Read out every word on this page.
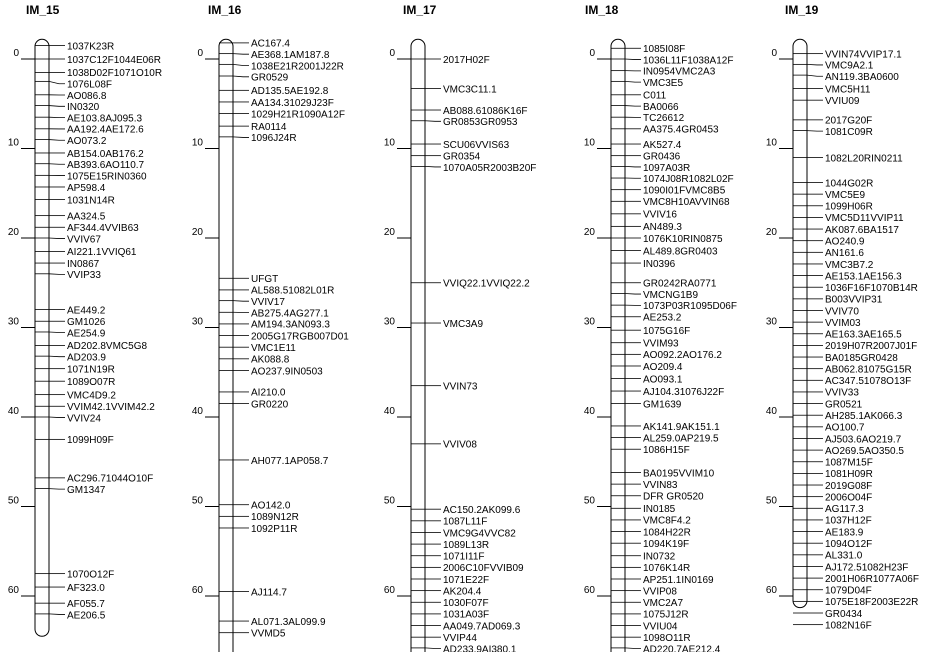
IM_15
0
10
20
30
40
50
60
1037K23R
1037C12F1044E06R
1038D02F1071O10R
1076L08F
AO086.8
IN0320
AE103.8AJ095.3
AA192.4AE172.6
AO073.2
AB154.0AB176.2
AB393.6AO110.7
1075E15RIN0360
AP598.4
1031N14R
AA324.5
AF344.4VVIB63
VVIV67
AI221.1VVIQ61
IN0867
VVIP33
AE449.2
GM1026
AE254.9
AD202.8VMC5G8
AD203.9
1071N19R
1089O07R
VMC4D9.2
VVIM42.1VVIM42.2
VVIV24
1099H09F
AC296.71044O10F
GM1347
1070O12F
AF323.0
AF055.7
AE206.5
IM_16
0
10
20
30
40
50
60
AC167.4
AE368.1AM187.8
1038E21R2001J22R
GR0529
AD135.5AE192.8
AA134.31029J23F
1029H21R1090A12F
RA0114
1096J24R
UFGT
AL588.51082L01R
VVIV17
AB275.4AG277.1
AM194.3AN093.3
2005G17RGB007D01
VMC1E11
AK088.8
AO237.9IN0503
AI210.0
GR0220
AH077.1AP058.7
AO142.0
1089N12R
1092P11R
AJ114.7
AL071.3AL099.9
VVMD5
IM_17
0
10
20
30
40
50
60
2017H02F
VMC3C11.1
AB088.61086K16F
GR0853GR0953
SCU06VVIS63
GR0354
1070A05R2003B20F
VVIQ22.1VVIQ22.2
VMC3A9
VVIN73
VVIV08
AC150.2AK099.6
1087L11F
VMC9G4VVC82
1089L13R
1071I11F
2006C10FVVIB09
1071E22F
AK204.4
1030F07F
1031A03F
AA049.7AD069.3
VVIP44
AD233.9AI380.1
IM_18
0
10
20
30
40
50
60
1085I08F
1036L11F1038A12F
IN0954VMC2A3
VMC3E5
C011
BA0066
TC26612
AA375.4GR0453
AK527.4
GR0436
1097A03R
1074J08R1082L02F
1090I01FVMC8B5
VMC8H10AVVIN68
VVIV16
AN489.3
1076K10RIN0875
AL489.8GR0403
IN0396
GR0242RA0771
VMCNG1B9
1073P03R1095D06F
AE253.2
1075G16F
VVIM93
AO092.2AO176.2
AO209.4
AO093.1
AJ104.31076J22F
GM1639
AK141.9AK151.1
AL259.0AP219.5
1086H15F
BA0195VVIM10
VVIN83
DFR GR0520
IN0185
VMC8F4.2
1084H22R
1094K19F
IN0732
1076K14R
AP251.1IN0169
VVIP08
VMC2A7
1075J12R
VVIU04
1098O11R
AD220.7AE212.4
IM_19
0
10
20
30
40
50
60
VVIN74VVIP17.1
VMC9A2.1
AN119.3BA0600
VMC5H11
VVIU09
2017G20F
1081C09R
1082L20RIN0211
1044G02R
VMC5E9
1099H06R
VMC5D11VVIP11
AK087.6BA1517
AO240.9
AN161.6
VMC3B7.2
AE153.1AE156.3
1036F16F1070B14R
B003VVIP31
VVIV70
VVIM03
AE163.3AE165.5
2019H07R2007J01F
BA0185GR0428
AB062.81075G15R
AC347.51078O13F
VVIV33
GR0521
AH285.1AK066.3
AO100.7
AJ503.6AO219.7
AO269.5AO350.5
1087M15F
1081H09R
2019G08F
2006O04F
AG117.3
1037H12F
AE183.9
1094O12F
AL331.0
AJ172.51082H23F
2001H06R1077A06F
1079D04F
1075E18F2003E22R
GR0434
1082N16F
